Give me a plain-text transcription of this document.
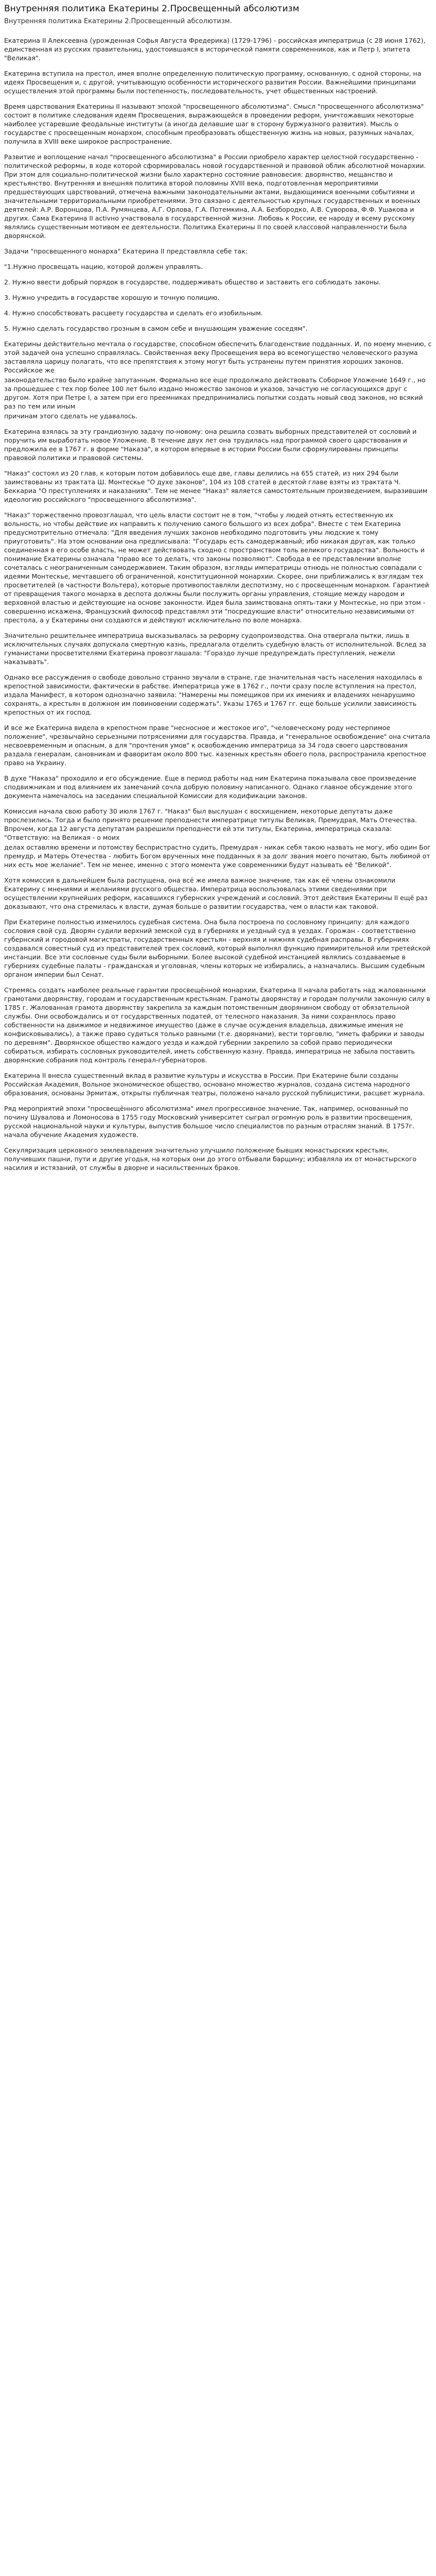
Внутренняя политика Екатерины 2.Просвещенный абсолютизм
Внутренняя политика Екатерины 2.Просвещенный абсолютизм.

Екатерина II Алексеевна (урожденная Софья Августа Фредерика) (1729-1796) - российская императрица (с 28 июня 1762), единственная из русских правительниц, удостоившаяся в исторической памяти современников, как и Петр I, эпитета "Великая".

Екатерина вступила на престол, имея вполне определенную политическую программу, основанную, с одной стороны, на идеях Просвещения и, с другой, учитывающую особенности исторического развития России. Важнейшими принципами осуществления этой программы были постепенность, последовательность, учет общественных настроений.

Время царствования Екатерины II называют эпохой "просвещенного абсолютизма". Смысл "просвещенного абсолютизма" состоит в политике следования идеям Просвещения, выражающейся в проведении реформ, уничтожавших некоторые наиболее устаревшие феодальные институты (а иногда делавшие шаг в сторону буржуазного развития). Мысль о государстве с просвещенным монархом, способным преобразовать общественную жизнь на новых, разумных началах, получила в XVIII веке широкое распространение.

Развитие и воплощение начал "просвещенного абсолютизма" в России приобрело характер целостной государственно - политической реформы, в ходе которой сформировалась новой государственной и правовой облик абсолютной монархии. При этом для социально-политической жизни было характерно состояние равновесия: дворянство, мещанство и крестьянство. Внутренняя и внешняя политика второй половины XVIII века, подготовленная мероприятиями предшествующих царствований, отмечена важными законодательными актами, выдающимися военными событиями и значительными территориальными приобретениями. Это связано с деятельностью крупных государственных и военных деятелей: А.Р. Воронцова, П.А. Румянцева, А.Г. Орлова, Г.А. Потемкина, А.А. Безбородко, А.В. Суворова, Ф.Ф. Ушакова и других. Сама Екатерина II activно участвовала в государственной жизни. Любовь к России, ее народу и всему русскому являлись существенным мотивом ее деятельности. Политика Екатерины II по своей классовой направленности была дворянской.

Задачи "просвещенного монарха" Екатерина II представляла себе так:

"1.Нужно просвещать нацию, которой должен управлять.

2. Нужно ввести добрый порядок в государстве, поддерживать общество и заставить его соблюдать законы.

3. Нужно учредить в государстве хорошую и точную полицию.

4. Нужно способствовать расцвету государства и сделать его изобильным.

5. Нужно сделать государство грозным в самом себе и внушающим уважение соседям".

Екатерины действительно мечтала о государстве, способном обеспечить благоденствие подданных. И, по моему мнению, с этой задачей она успешно справлялась. Свойственная веку Просвещения вера во всемогущество человеческого разума заставляла царицу полагать, что все препятствия к этому могут быть устранены путем принятия хороших законов. Российское же

законодательство было крайне запутанным. Формально все еще продолжало действовать Соборное Уложение 1649 г., но за прошедшее с тех пор более 100 лет было издано множество законов и указов, зачастую не согласующихся друг с другом. Хотя при Петре I, а затем при его преемниках предпринимались попытки создать новый свод законов, но всякий раз по тем или иным

причинам этого сделать не удавалось.

Екатерина взялась за эту грандиозную задачу по-новому: она решила созвать выборных представителей от сословий и поручить им выработать новое Уложение. В течение двух лет она трудилась над программой своего царствования и предложила ее в 1767 г. в форме "Наказа", в котором впервые в истории России были сформулированы принципы правовой политики и правовой системы.

"Наказ" состоял из 20 глав, к которым потом добавилось еще две, главы делились на 655 статей, из них 294 были заимствованы из трактата Ш. Монтескье "О духе законов", 104 из 108 статей в десятой главе взяты из трактата Ч. Беккариа "О преступлениях и наказаниях". Тем не менее "Наказ" является самостоятельным произведением, выразившим идеологию российского "просвещенного абсолютизма".

"Наказ" торжественно провозглашал, что цель власти состоит не в том, "чтобы у людей отнять естественную их вольность, но чтобы действие их направить к получению самого большого из всех добра". Вместе с тем Екатерина предусмотрительно отмечала: "Для введения лучших законов необходимо подготовить умы людские к тому приуготовить". На этом основании она предписывала: "Государь есть самодержавный; ибо никакая другая, как только соединенная в его особе власть, не может действовать сходно с пространством толь великого государства". Вольность и понимание Екатерины означала "право все то делать, что законы позволяют". Свобода в ее представлении вполне сочеталась с неограниченным самодержавием. Таким образом, взгляды императрицы отнюдь не полностью совпадали с идеями Монтескье, мечтавшего об ограниченной, конституционной монархии. Скорее, они приближались к взглядам тех просветителей (в частности Вольтера), которые противопоставляли деспотизму, но с просвещенным монархом. Гарантией от превращения такого монарха в деспота должны были послужить органы управления, стоящие между народом и верховной властью и действующие на основе законности. Идея была заимствована опять-таки у Монтескье, но при этом - совершенно искажена, Французский философ представлял эти "посредующие власти" относительно независимыми от престола, а у Екатерины они создаются и действуют исключительно по воле монарха.

Значительно решительнее императрица высказывалась за реформу судопроизводства. Она отвергала пытки, лишь в исключительных случаях допускала смертную казнь, предлагала отделить судебную власть от исполнительной. Вслед за гуманистами просветителями Екатерина провозглашала: "Гораздо лучше предупреждать преступления, нежели наказывать".

Однако все рассуждения о свободе довольно странно звучали в стране, где значительная часть населения находилась в крепостной зависимости, фактически в рабстве. Императрица уже в 1762 г., почти сразу после вступления на престол, издала Манифест, в котором однозначно заявила: "Намерены мы помещиков при их имениях и владениях ненарушимо сохранять, а крестьян в должном им повиновении содержать". Указы 1765 и 1767 гг. еще больше усилили зависимость крепостных от их господ.

И все же Екатерина видела в крепостном праве "несносное и жестокое иго", "человеческому роду нестерпимое положение", чрезвычайно серьезными потрясениями для государства. Правда, и "генеральное освобождение" она считала несвоевременным и опасным, а для "прочтения умов" к освобождению императрица за 34 года своего царствования раздала генералам, сановникам и фаворитам около 800 тыс. казенных крестьян обоего пола, распространила крепостное право на Украину.

В духе "Наказа" проходило и его обсуждение. Еще в период работы над ним Екатерина показывала свое произведение сподвижникам и под влиянием их замечаний сочла добрую половину написанного. Однако главное обсуждение этого документа намечалось на заседании специальной Комиссии для кодификации законов.

Комиссия начала свою работу 30 июля 1767 г. "Наказ" был выслушан с восхищением, некоторые депутаты даже прослезились. Тогда и было принято решение преподнести императрице титулы Великая, Премудрая, Мать Отечества. Впрочем, когда 12 августа депутатам разрешили преподнести ей эти титулы, Екатерина, императрица сказала: "Ответствую: на Великая - о моих

делах оставляю времени и потомству беспристрастно судить, Премудрая - никак себя такою назвать не могу, ибо один Бог премудр, и Матерь Отечества - любить Богом врученных мне подданных я за долг звания моего почитаю, быть любимой от них есть мое желание". Тем не менее, именно с этого момента уже современники будут называть её "Великой".

Хотя комиссия в дальнейшем была распущена, она всё же имела важное значение, так как её члены ознакомили Екатерину с мнениями и желаниями русского общества. Императрица воспользовалась этими сведениями при осуществлении крупнейших реформ, касавшихся губернских учреждений и сословий. Этот действия Екатерины II ещё раз доказывают, что она стремилась к власти, думая больше о развитии государства, чем о власти как таковой.

При Екатерине полностью изменилось судебная система. Она была построена по сословному принципу: для каждого сословия свой суд. Дворян судили верхний земской суд в губерниях и уездный суд в уездах. Горожан - соответственно губернский и городовой магистраты, государственных крестьян - верхняя и нижняя судебная расправы. В губерниях создавался совестный суд из представителей трех сословий, который выполнял функцию примирительной или третейской инстанции. Все эти сословные суды были выборными. Более высокой судебной инстанцией являлись создаваемые в губерниях судебные палаты - гражданская и уголовная, члены которых не избирались, а назначались. Высшим судебным органом империи был Сенат.

Стремясь создать наиболее реальные гарантии просвещённой монархии, Екатерина II начала работать над жалованными грамотами дворянству, городам и государственным крестьянам. Грамоты дворянству и городам получили законную силу в 1785 г. Жалованная грамота дворянству закрепила за каждым потомственным дворянином свободу от обязательной службы. Они освобождались и от государственных податей, от телесного наказания. За ними сохранялось право собственности на движимое и недвижимое имущество (даже в случае осуждения владельца, движимые имения не конфисковывались), а также право судиться только равными (т.е. дворянами), вести торговлю, "иметь фабрики и заводы по деревням". Дворянское общество каждого уезда и каждой губернии закрепило за собой право периодически собираться, избирать сословных руководителей, иметь собственную казну. Правда, императрица не забыла поставить дворянские собрания под контроль генерал-губернаторов.

Екатерина II внесла существенный вклад в развитие культуры и искусства в России. При Екатерине были созданы Российская Академия, Вольное экономическое общество, основано множество журналов, создана система народного образования, основаны Эрмитаж, открыты публичная театры, положено начало русской публицистики, расцвет журнала.

Ряд мероприятий эпохи "просвещённого абсолютизма" имел прогрессивное значение. Так, например, основанный по почину Шувалова и Ломоносова в 1755 году Московский университет сыграл огромную роль в развитии просвещения, русской национальной науки и культуры, выпустив большое число специалистов по разным отраслям знаний. В 1757г. начала обучение Академия художеств.

Секуляризация церковного землевладения значительно улучшило положение бывших монастырских крестьян, получивших пашни, пути и другие угодья, на которых они до этого отбывали барщину; избавляла их от монастырского насилия и истязаний, от службы в дворне и насильственных браков.
